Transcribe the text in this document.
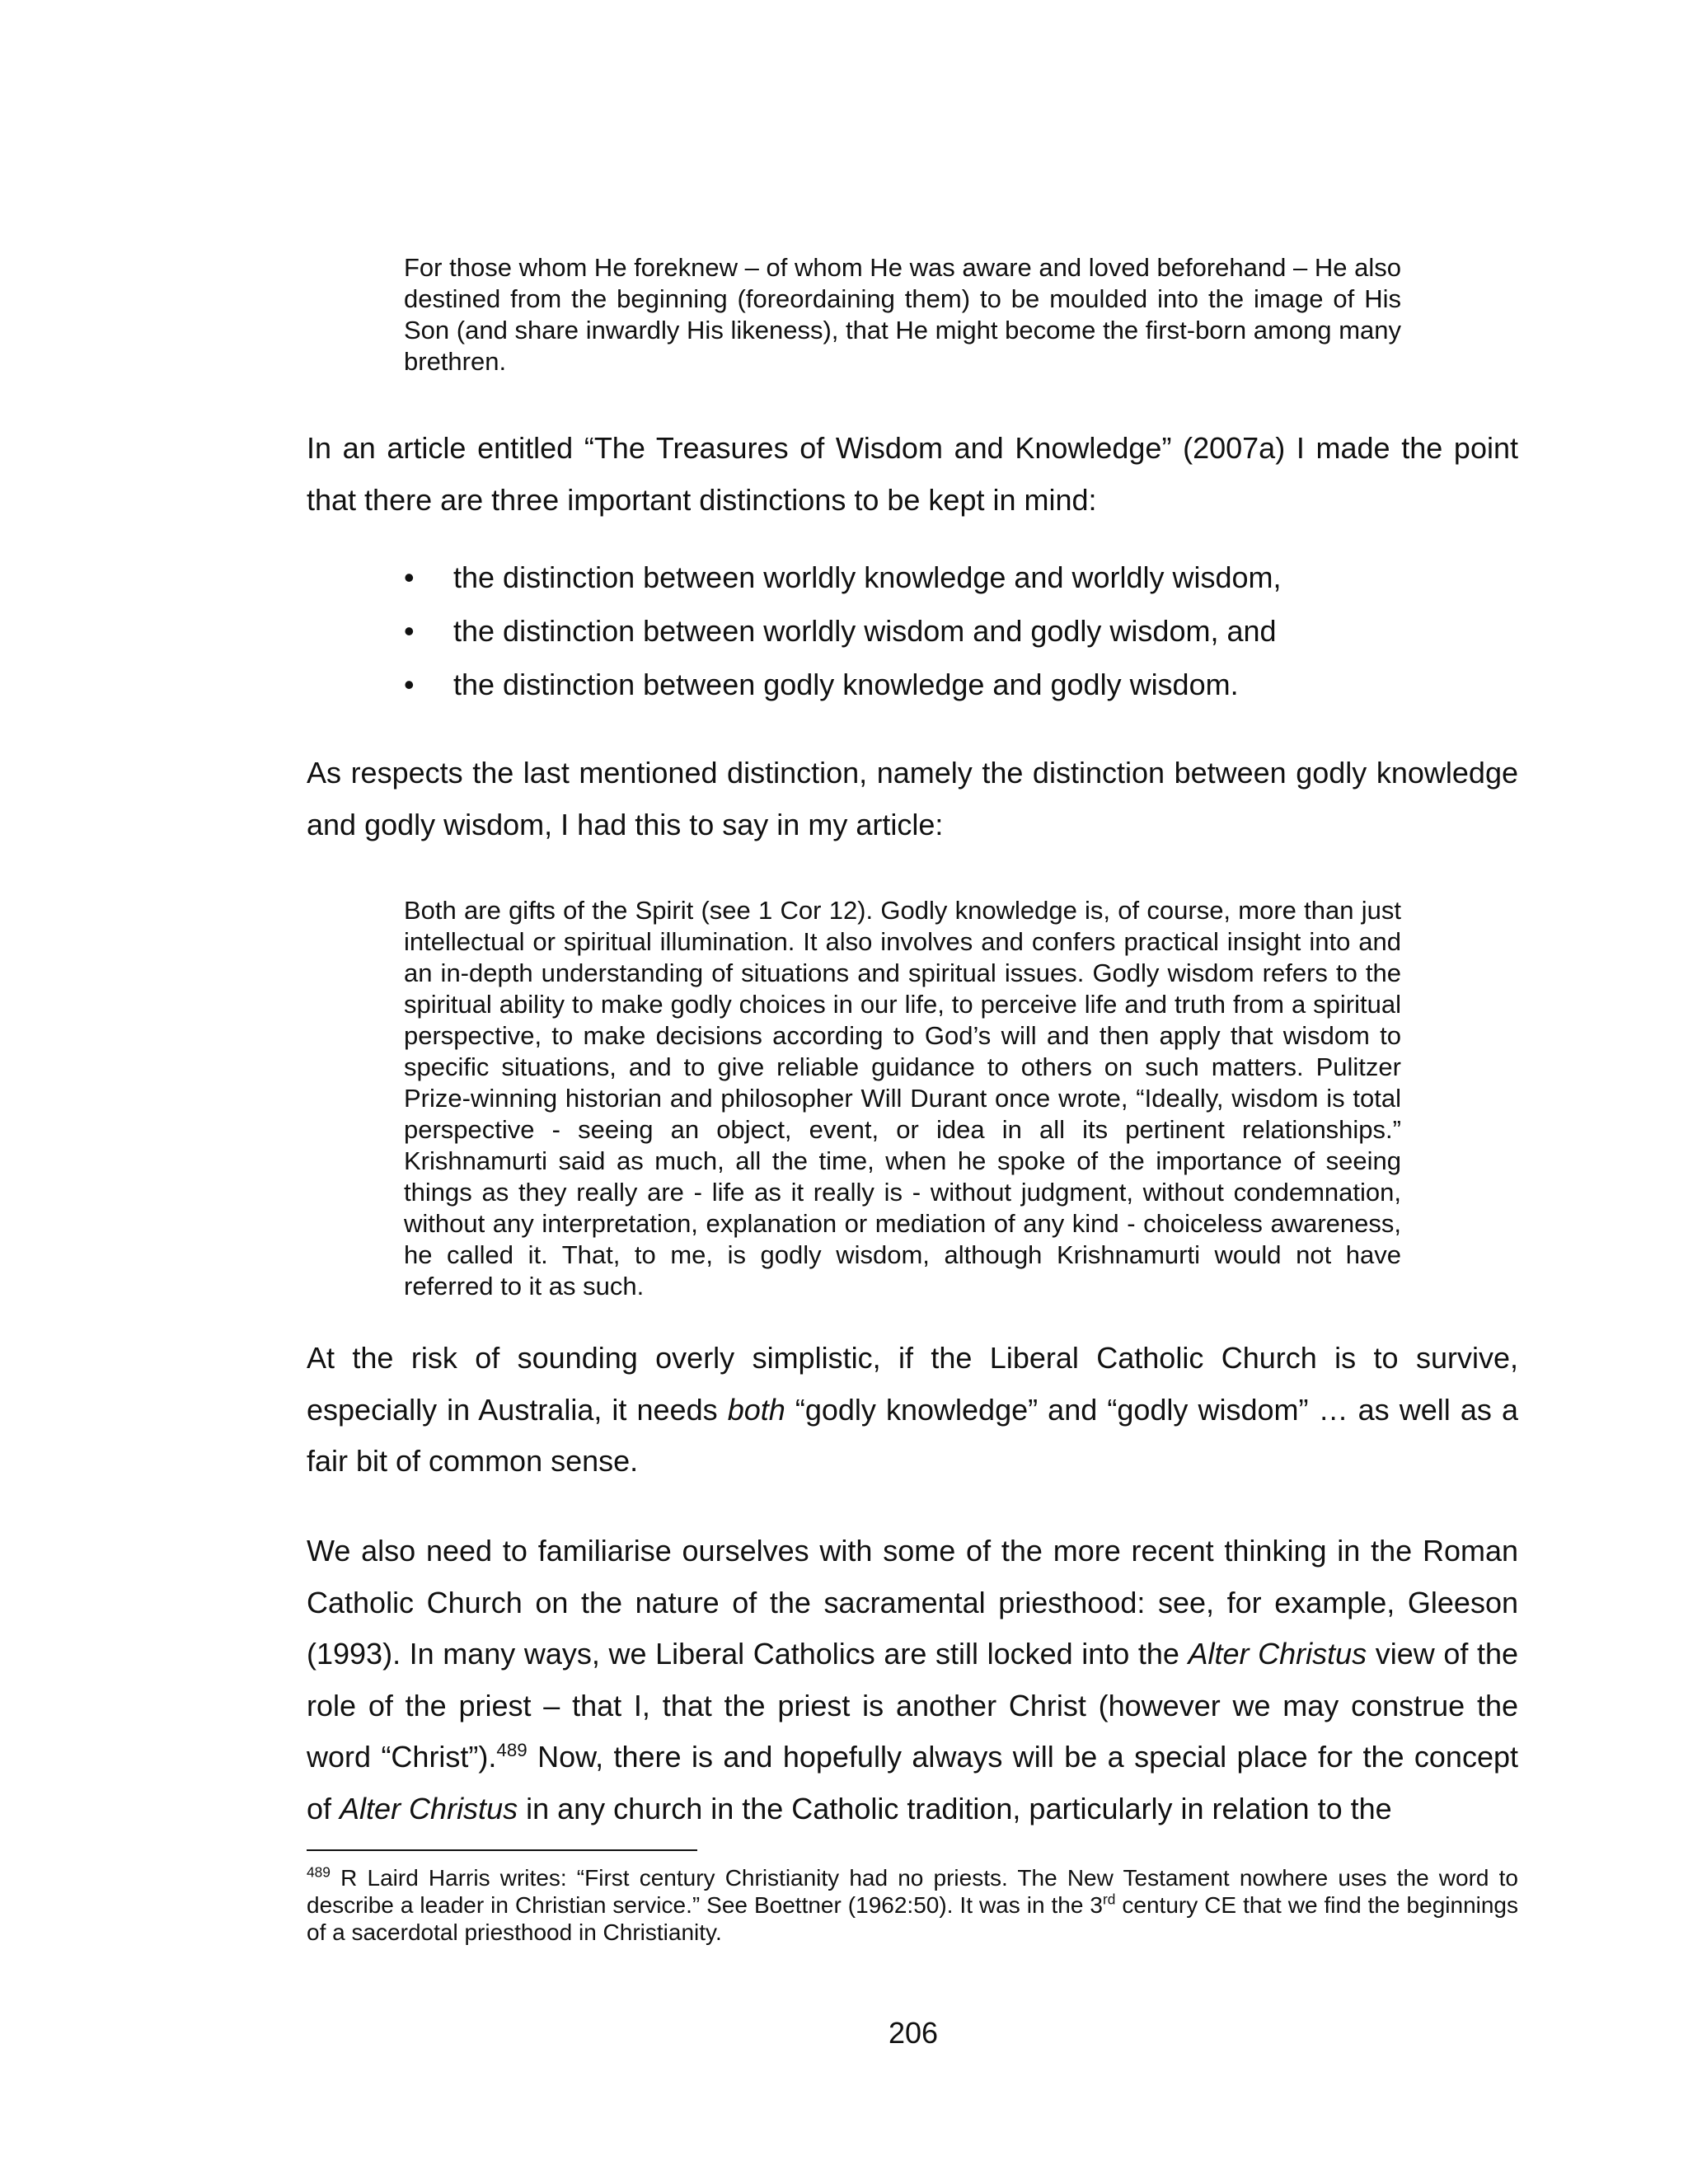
For those whom He foreknew – of whom He was aware and loved beforehand – He also destined from the beginning (foreordaining them) to be moulded into the image of His Son (and share inwardly His likeness), that He might become the first-born among many brethren.

In an article entitled “The Treasures of Wisdom and Knowledge” (2007a) I made the point that there are three important distinctions to be kept in mind:

• the distinction between worldly knowledge and worldly wisdom,
• the distinction between worldly wisdom and godly wisdom, and
• the distinction between godly knowledge and godly wisdom.

As respects the last mentioned distinction, namely the distinction between godly knowledge and godly wisdom, I had this to say in my article:

Both are gifts of the Spirit (see 1 Cor 12). Godly knowledge is, of course, more than just intellectual or spiritual illumination. It also involves and confers practical insight into and an in-depth understanding of situations and spiritual issues. Godly wisdom refers to the spiritual ability to make godly choices in our life, to perceive life and truth from a spiritual perspective, to make decisions according to God’s will and then apply that wisdom to specific situations, and to give reliable guidance to others on such matters. Pulitzer Prize-winning historian and philosopher Will Durant once wrote, “Ideally, wisdom is total perspective - seeing an object, event, or idea in all its pertinent relationships.” Krishnamurti said as much, all the time, when he spoke of the importance of seeing things as they really are - life as it really is - without judgment, without condemnation, without any interpretation, explanation or mediation of any kind - choiceless awareness, he called it. That, to me, is godly wisdom, although Krishnamurti would not have referred to it as such.

At the risk of sounding overly simplistic, if the Liberal Catholic Church is to survive, especially in Australia, it needs both “godly knowledge” and “godly wisdom” … as well as a fair bit of common sense.

We also need to familiarise ourselves with some of the more recent thinking in the Roman Catholic Church on the nature of the sacramental priesthood: see, for example, Gleeson (1993). In many ways, we Liberal Catholics are still locked into the Alter Christus view of the role of the priest – that I, that the priest is another Christ (however we may construe the word “Christ”).$^{489}$ Now, there is and hopefully always will be a special place for the concept of Alter Christus in any church in the Catholic tradition, particularly in relation to the

$^{489}$ R Laird Harris writes: “First century Christianity had no priests. The New Testament nowhere uses the word to describe a leader in Christian service.” See Boettner (1962:50). It was in the 3rd century CE that we find the beginnings of a sacerdotal priesthood in Christianity.

206
